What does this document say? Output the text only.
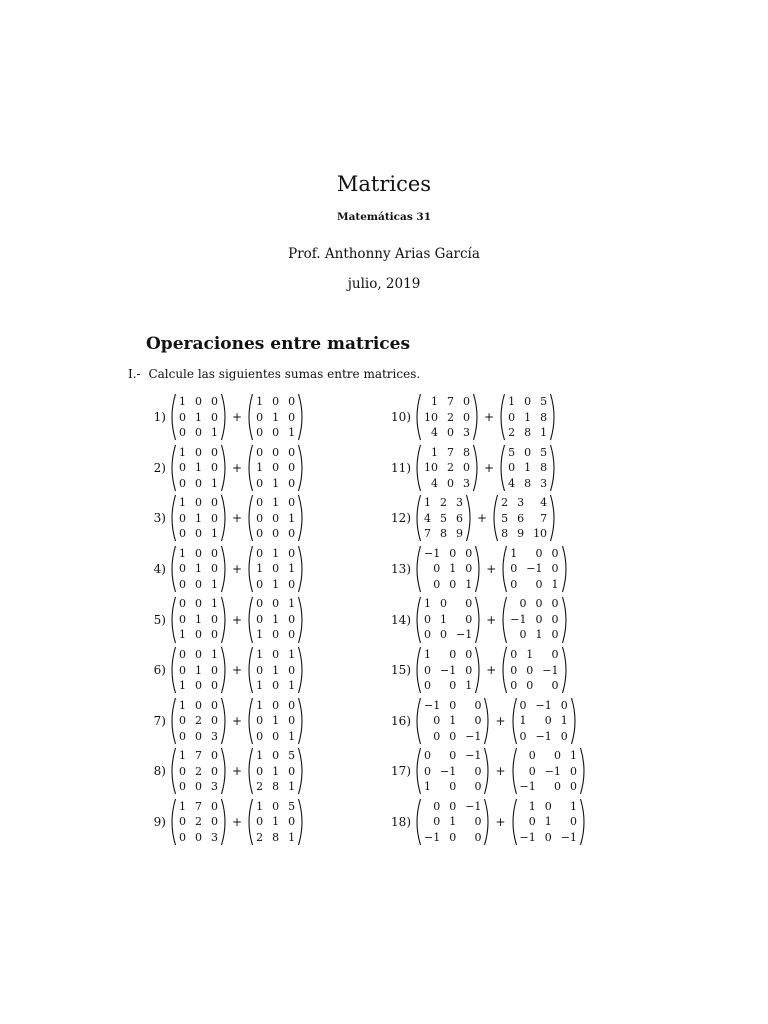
Matrices
Matemáticas 31
Prof. Anthonny Arias García
julio, 2019
Operaciones entre matrices
I.- Calcule las siguientes sumas entre matrices.
1)
1 0 0
0 1 0
0 0 1
+
1 0 0
0 1 0
0 0 1
2)
1 0 0
0 1 0
0 0 1
+
0 0 0
1 0 0
0 1 0
3)
1 0 0
0 1 0
0 0 1
+
0 1 0
0 0 1
0 0 0
4)
1 0 0
0 1 0
0 0 1
+
0 1 0
1 0 1
0 1 0
5)
0 0 1
0 1 0
1 0 0
+
0 0 1
0 1 0
1 0 0
6)
0 0 1
0 1 0
1 0 0
+
1 0 1
0 1 0
1 0 1
7)
1 0 0
0 2 0
0 0 3
+
1 0 0
0 1 0
0 0 1
8)
1 7 0
0 2 0
0 0 3
+
1 0 5
0 1 0
2 8 1
9)
1 7 0
0 2 0
0 0 3
+
1 0 5
0 1 0
2 8 1
10)
1 7 0
10 2 0
4 0 3
+
1 0 5
0 1 8
2 8 1
11)
1 7 8
10 2 0
4 0 3
+
5 0 5
0 1 8
4 8 3
12)
1 2 3
4 5 6
7 8 9
+
2 3	4
5 6	7
8 9 10
13)
−1 0 0
0 1 0
0 0 1
+
1	0 0
0 −1 0
0	0 1
14)
1 0	0
0 1	0
0 0 −1
+
0 0 0
−1 0 0
0 1 0
15)
1	0 0
0 −1 0
0	0 1
+
0 1	0
0 0 −1
0 0	0
16)
−1 0	0
0 1	0
0 0 −1
+
0 −1 0
1	0 1
0 −1 0
17)
0	0 −1
0 −1	0
1	0	0
+
0	0 1
0 −1 0
−1	0 0
18)
0 0 −1
0 1	0
−1 0	0
+
1 0	1
0 1	0
−1 0 −1
